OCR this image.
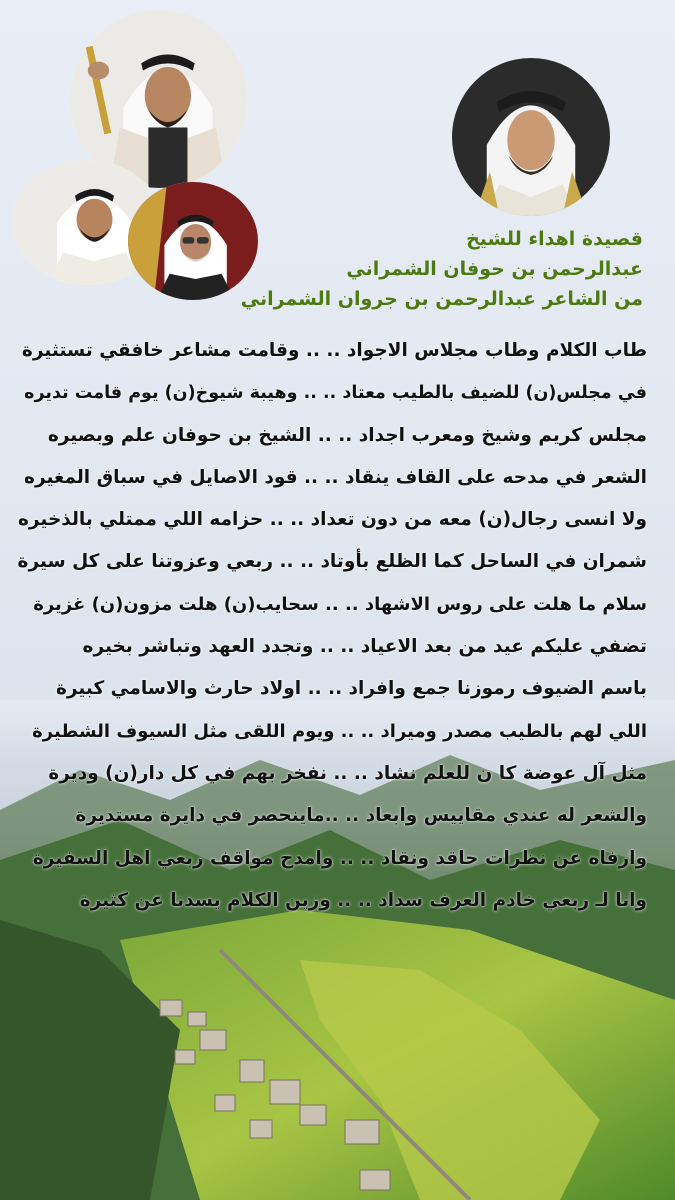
قصيدة اهداء للشيخ
عبدالرحمن بن حوفان الشمراني
من الشاعر عبدالرحمن بن جروان الشمراني
طاب الكلام وطاب مجلاس الاجواد .. .. وقامت مشاعر خافقي تستثيرة
في مجلس(ن) للضيف بالطيب معتاد .. .. وهيبة شيوخ(ن) يوم قامت تديره
مجلس كريم وشيخ ومعرب اجداد .. .. الشيخ بن حوفان علم وبصيره
الشعر في مدحه على القاف ينقاد .. .. قود الاصايل في سباق المغيره
ولا انسى رجال(ن) معه من دون تعداد .. .. حزامه اللي ممتلي بالذخيره
شمران في الساحل كما الظلع بأوتاد .. .. ربعي وعزوتنا على كل سيرة
سلام ما هلت على روس الاشهاد .. .. سحايب(ن) هلت مزون(ن) غزيرة
تضفي عليكم عيد من بعد الاعياد .. .. وتجدد العهد وتباشر بخيره
باسم الضيوف رموزنا جمع وافراد .. .. اولاد حارث والاسامي كبيرة
اللي لهم بالطيب مصدر وميراد .. .. ويوم اللقى مثل السيوف الشطيرة
مثل آل عوضة كا ن للعلم نشاد .. .. نفخر بهم في كل دار(ن) وديرة
والشعر له عندي مقاييس وابعاد .. ..ماينحصر في دايرة مستديرة
وارفاه عن نظرات حاقد ونقاد .. .. وامدح مواقف ربعي اهل السفيرة
وانا لـ ربعي خادم العرف سداد .. .. وزين الكلام يسدنا عن كثيرة
